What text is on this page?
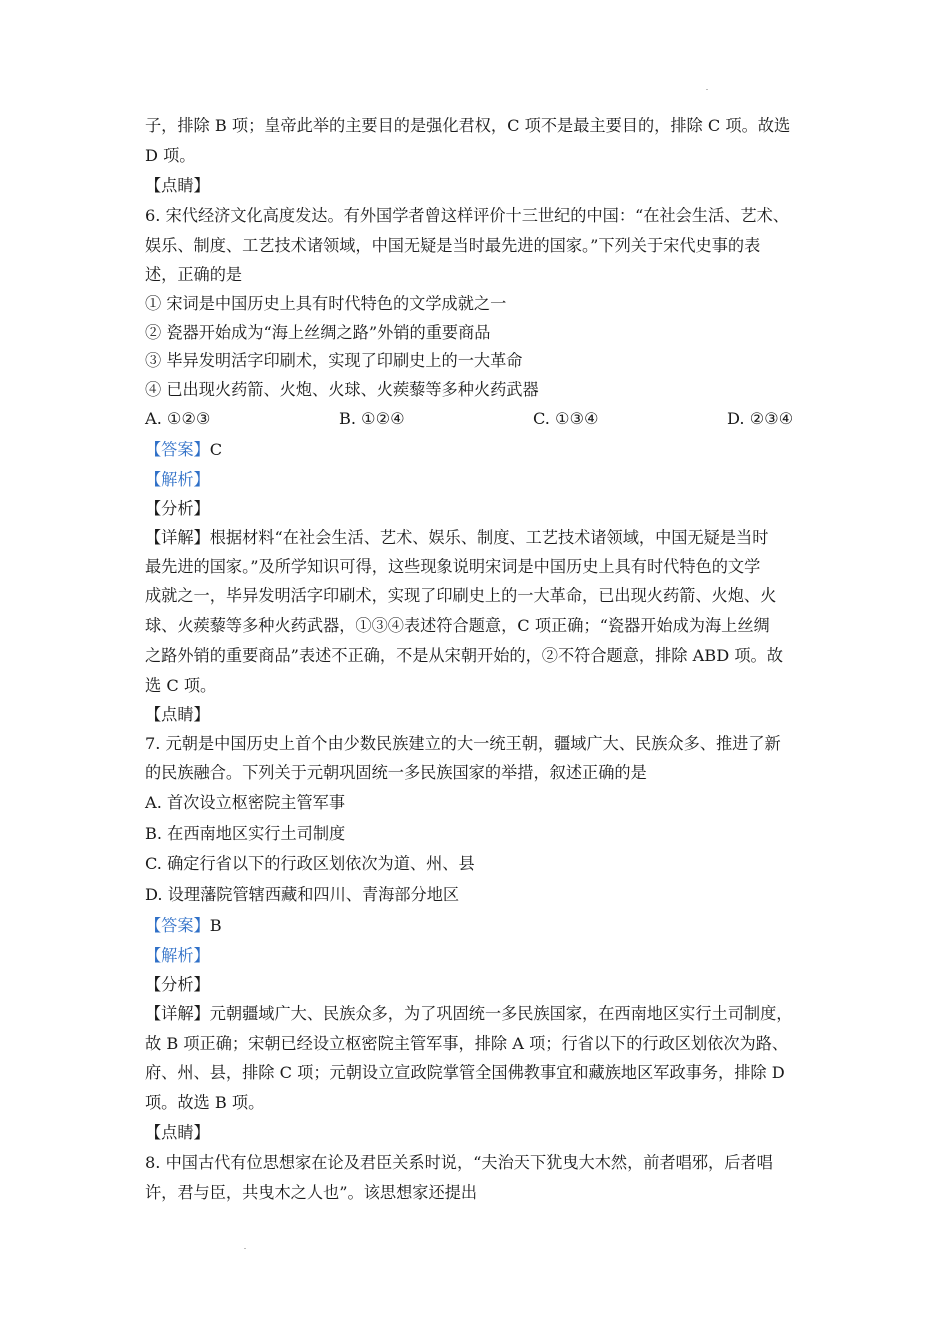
子，排除 B 项；皇帝此举的主要目的是强化君权，C 项不是最主要目的，排除 C 项。故选
D 项。
【点睛】
6. 宋代经济文化高度发达。有外国学者曾这样评价十三世纪的中国：“在社会生活、艺术、
娱乐、制度、工艺技术诸领域，中国无疑是当时最先进的国家。”下列关于宋代史事的表
述，正确的是
① 宋词是中国历史上具有时代特色的文学成就之一
② 瓷器开始成为“海上丝绸之路”外销的重要商品
③ 毕异发明活字印刷术，实现了印刷史上的一大革命
④ 已出现火药箭、火炮、火球、火蒺藜等多种火药武器
A. ①②③	B. ①②④	C. ①③④	D. ②③④
【答案】C
【解析】
【分析】
【详解】根据材料“在社会生活、艺术、娱乐、制度、工艺技术诸领域，中国无疑是当时
最先进的国家。”及所学知识可得，这些现象说明宋词是中国历史上具有时代特色的文学
成就之一，毕异发明活字印刷术，实现了印刷史上的一大革命，已出现火药箭、火炮、火
球、火蒺藜等多种火药武器，①③④表述符合题意，C 项正确；“瓷器开始成为海上丝绸
之路外销的重要商品”表述不正确，不是从宋朝开始的，②不符合题意，排除 ABD 项。故
选 C 项。
【点睛】
7. 元朝是中国历史上首个由少数民族建立的大一统王朝，疆域广大、民族众多、推进了新
的民族融合。下列关于元朝巩固统一多民族国家的举措，叙述正确的是
A. 首次设立枢密院主管军事
B. 在西南地区实行土司制度
C. 确定行省以下的行政区划依次为道、州、县
D. 设理藩院管辖西藏和四川、青海部分地区
【答案】B
【解析】
【分析】
【详解】元朝疆域广大、民族众多，为了巩固统一多民族国家，在西南地区实行土司制度，
故 B 项正确；宋朝已经设立枢密院主管军事，排除 A 项；行省以下的行政区划依次为路、
府、州、县，排除 C 项；元朝设立宣政院掌管全国佛教事宜和藏族地区军政事务，排除 D
项。故选 B 项。
【点睛】
8. 中国古代有位思想家在论及君臣关系时说，“夫治天下犹曳大木然，前者唱邪，后者唱
许，君与臣，共曳木之人也”。该思想家还提出
